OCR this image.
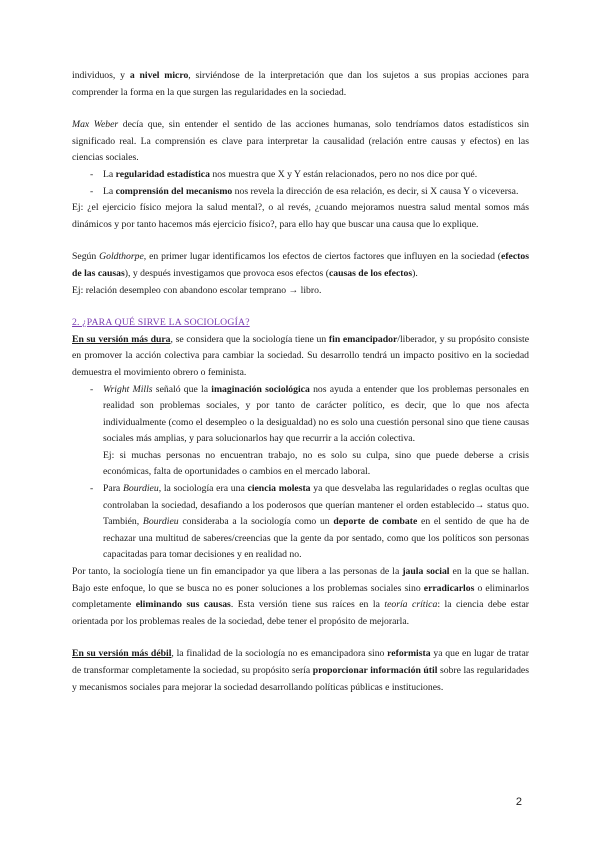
individuos, y a nivel micro, sirviéndose de la interpretación que dan los sujetos a sus propias acciones para comprender la forma en la que surgen las regularidades en la sociedad.

Max Weber decía que, sin entender el sentido de las acciones humanas, solo tendríamos datos estadísticos sin significado real. La comprensión es clave para interpretar la causalidad (relación entre causas y efectos) en las ciencias sociales.

- La regularidad estadística nos muestra que X y Y están relacionados, pero no nos dice por qué.
- La comprensión del mecanismo nos revela la dirección de esa relación, es decir, si X causa Y o viceversa.

Ej: ¿el ejercicio físico mejora la salud mental?, o al revés, ¿cuando mejoramos nuestra salud mental somos más dinámicos y por tanto hacemos más ejercicio físico?, para ello hay que buscar una causa que lo explique.

Según Goldthorpe, en primer lugar identificamos los efectos de ciertos factores que influyen en la sociedad (efectos de las causas), y después investigamos que provoca esos efectos (causas de los efectos).

Ej: relación desempleo con abandono escolar temprano → libro.

2. ¿PARA QUÉ SIRVE LA SOCIOLOGÍA?

En su versión más dura, se considera que la sociología tiene un fin emancipador/liberador, y su propósito consiste en promover la acción colectiva para cambiar la sociedad. Su desarrollo tendrá un impacto positivo en la sociedad demuestra el movimiento obrero o feminista.

- Wright Mills señaló que la imaginación sociológica nos ayuda a entender que los problemas personales en realidad son problemas sociales, y por tanto de carácter político, es decir, que lo que nos afecta individualmente (como el desempleo o la desigualdad) no es solo una cuestión personal sino que tiene causas sociales más amplias, y para solucionarlos hay que recurrir a la acción colectiva.
Ej: si muchas personas no encuentran trabajo, no es solo su culpa, sino que puede deberse a crisis económicas, falta de oportunidades o cambios en el mercado laboral.
- Para Bourdieu, la sociología era una ciencia molesta ya que desvelaba las regularidades o reglas ocultas que controlaban la sociedad, desafiando a los poderosos que querían mantener el orden establecido→ status quo. También, Bourdieu consideraba a la sociología como un deporte de combate en el sentido de que ha de rechazar una multitud de saberes/creencias que la gente da por sentado, como que los políticos son personas capacitadas para tomar decisiones y en realidad no.

Por tanto, la sociología tiene un fin emancipador ya que libera a las personas de la jaula social en la que se hallan. Bajo este enfoque, lo que se busca no es poner soluciones a los problemas sociales sino erradicarlos o eliminarlos completamente eliminando sus causas. Esta versión tiene sus raíces en la teoría crítica: la ciencia debe estar orientada por los problemas reales de la sociedad, debe tener el propósito de mejorarla.

En su versión más débil, la finalidad de la sociología no es emancipadora sino reformista ya que en lugar de tratar de transformar completamente la sociedad, su propósito sería proporcionar información útil sobre las regularidades y mecanismos sociales para mejorar la sociedad desarrollando políticas públicas e instituciones.

2
